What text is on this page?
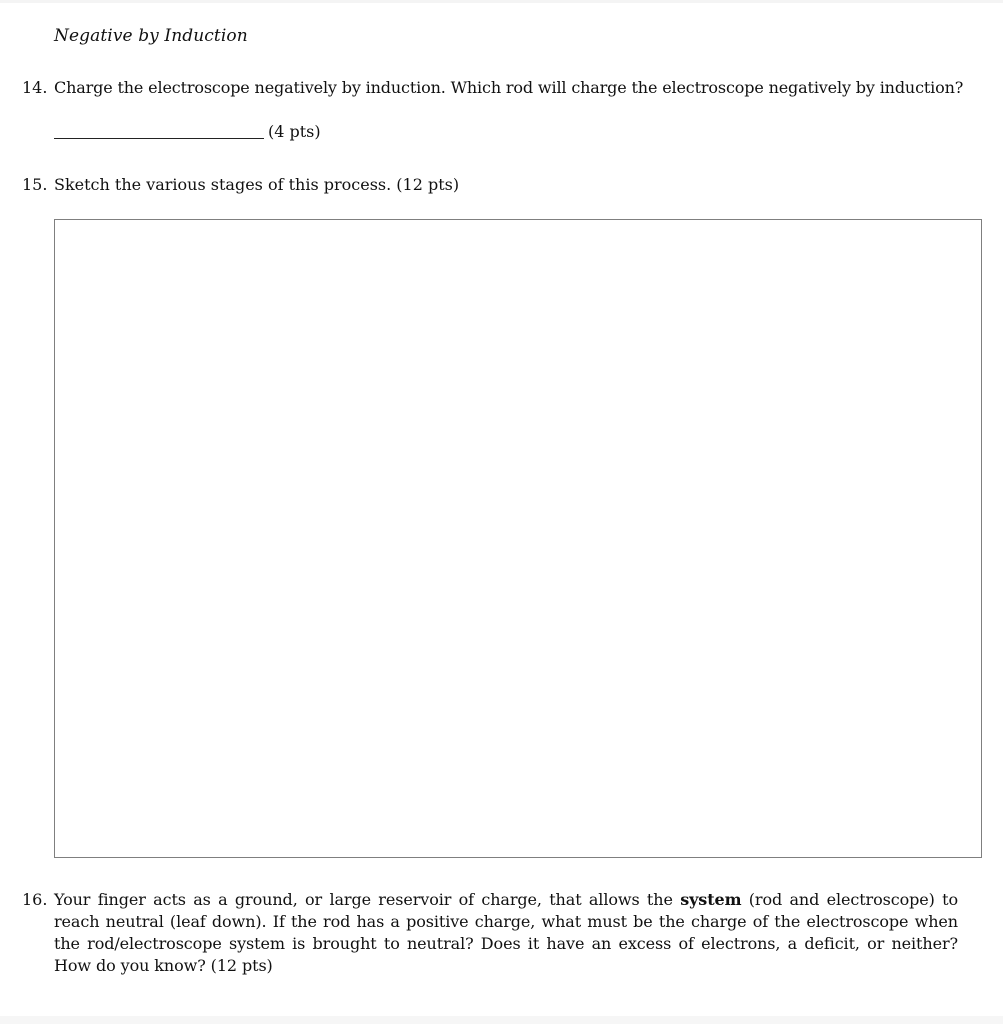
Negative by Induction
14. Charge the electroscope negatively by induction. Which rod will charge the electroscope negatively by induction?
(4 pts)
15. Sketch the various stages of this process. (12 pts)
16. Your finger acts as a ground, or large reservoir of charge, that allows the system (rod and electroscope) to reach neutral (leaf down). If the rod has a positive charge, what must be the charge of the electroscope when the rod/electroscope system is brought to neutral? Does it have an excess of electrons, a deficit, or neither? How do you know? (12 pts)
